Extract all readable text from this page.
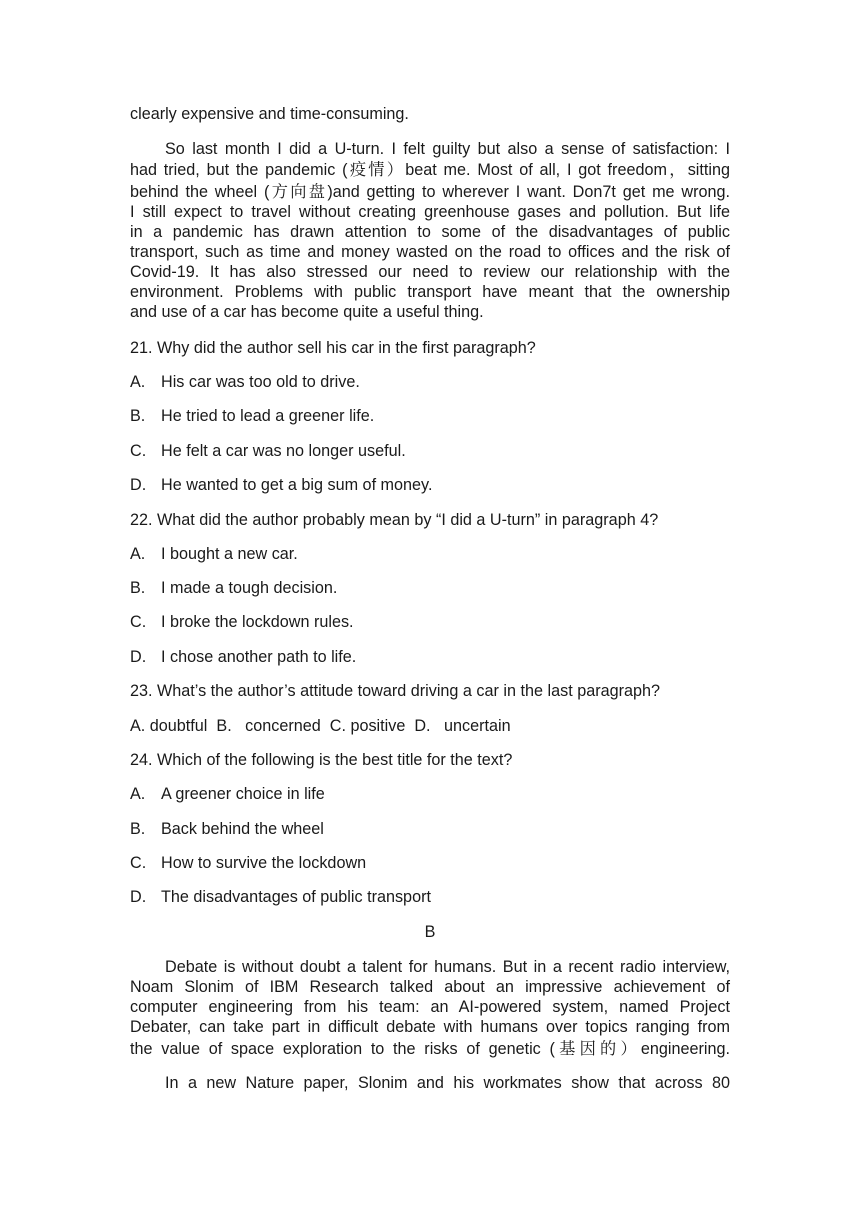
clearly expensive and time-consuming.

So last month I did a U-turn. I felt guilty but also a sense of satisfaction: I

had tried, but the pandemic (疫情）beat me. Most of all, I got freedom，sitting

behind the wheel (方向盘)and getting to wherever I want. Don7t get me wrong.

I still expect to travel without creating greenhouse gases and pollution. But life

in a pandemic has drawn attention to some of the disadvantages of public

transport, such as time and money wasted on the road to offices and the risk of

Covid-19. It has also stressed our need to review our relationship with the

environment. Problems with public transport have meant that the ownership

and use of a car has become quite a useful thing.

21. Why did the author sell his car in the first paragraph?
A. His car was too old to drive.
B. He tried to lead a greener life.
C. He felt a car was no longer useful.
D. He wanted to get a big sum of money.
22. What did the author probably mean by “I did a U-turn” in paragraph 4?
A. I bought a new car.
B. I made a tough decision.
C. I broke the lockdown rules.
D. I chose another path to life.
23. What’s the author’s attitude toward driving a car in the last paragraph?
A. doubtful  B.   concerned  C. positive  D.   uncertain
24. Which of the following is the best title for the text?
A. A greener choice in life
B. Back behind the wheel
C. How to survive the lockdown
D. The disadvantages of public transport
B

Debate is without doubt a talent for humans. But in a recent radio interview,

Noam Slonim of IBM Research talked about an impressive achievement of

computer engineering from his team: an AI-powered system, named Project

Debater, can take part in difficult debate with humans over topics ranging from

the value of space exploration to the risks of genetic (基因的）engineering.

In a new Nature paper, Slonim and his workmates show that across 80
